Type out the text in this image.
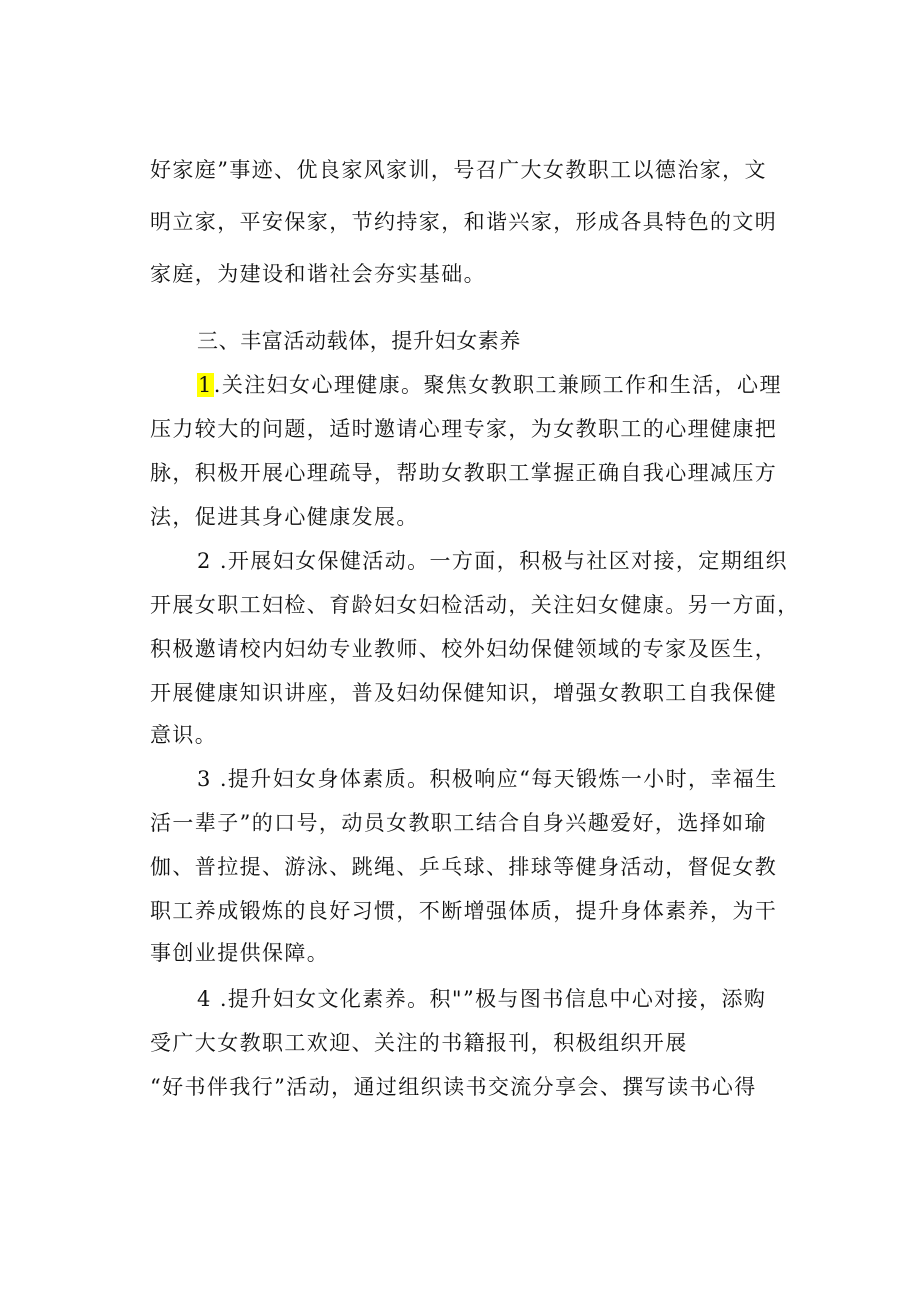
好家庭”事迹、优良家风家训，号召广大女教职工以德治家，文
明立家，平安保家，节约持家，和谐兴家，形成各具特色的文明
家庭，为建设和谐社会夯实基础。
三、丰富活动载体，提升妇女素养
1.关注妇女心理健康。聚焦女教职工兼顾工作和生活，心理
压力较大的问题，适时邀请心理专家，为女教职工的心理健康把
脉，积极开展心理疏导，帮助女教职工掌握正确自我心理减压方
法，促进其身心健康发展。
2 .开展妇女保健活动。一方面，积极与社区对接，定期组织
开展女职工妇检、育龄妇女妇检活动，关注妇女健康。另一方面，
积极邀请校内妇幼专业教师、校外妇幼保健领域的专家及医生，
开展健康知识讲座，普及妇幼保健知识，增强女教职工自我保健
意识。
3 .提升妇女身体素质。积极响应“每天锻炼一小时，幸福生
活一辈子”的口号，动员女教职工结合自身兴趣爱好，选择如瑜
伽、普拉提、游泳、跳绳、乒乓球、排球等健身活动，督促女教
职工养成锻炼的良好习惯，不断增强体质，提升身体素养，为干
事创业提供保障。
4 .提升妇女文化素养。积"”极与图书信息中心对接，添购
受广大女教职工欢迎、关注的书籍报刊，积极组织开展
“好书伴我行”活动，通过组织读书交流分享会、撰写读书心得
